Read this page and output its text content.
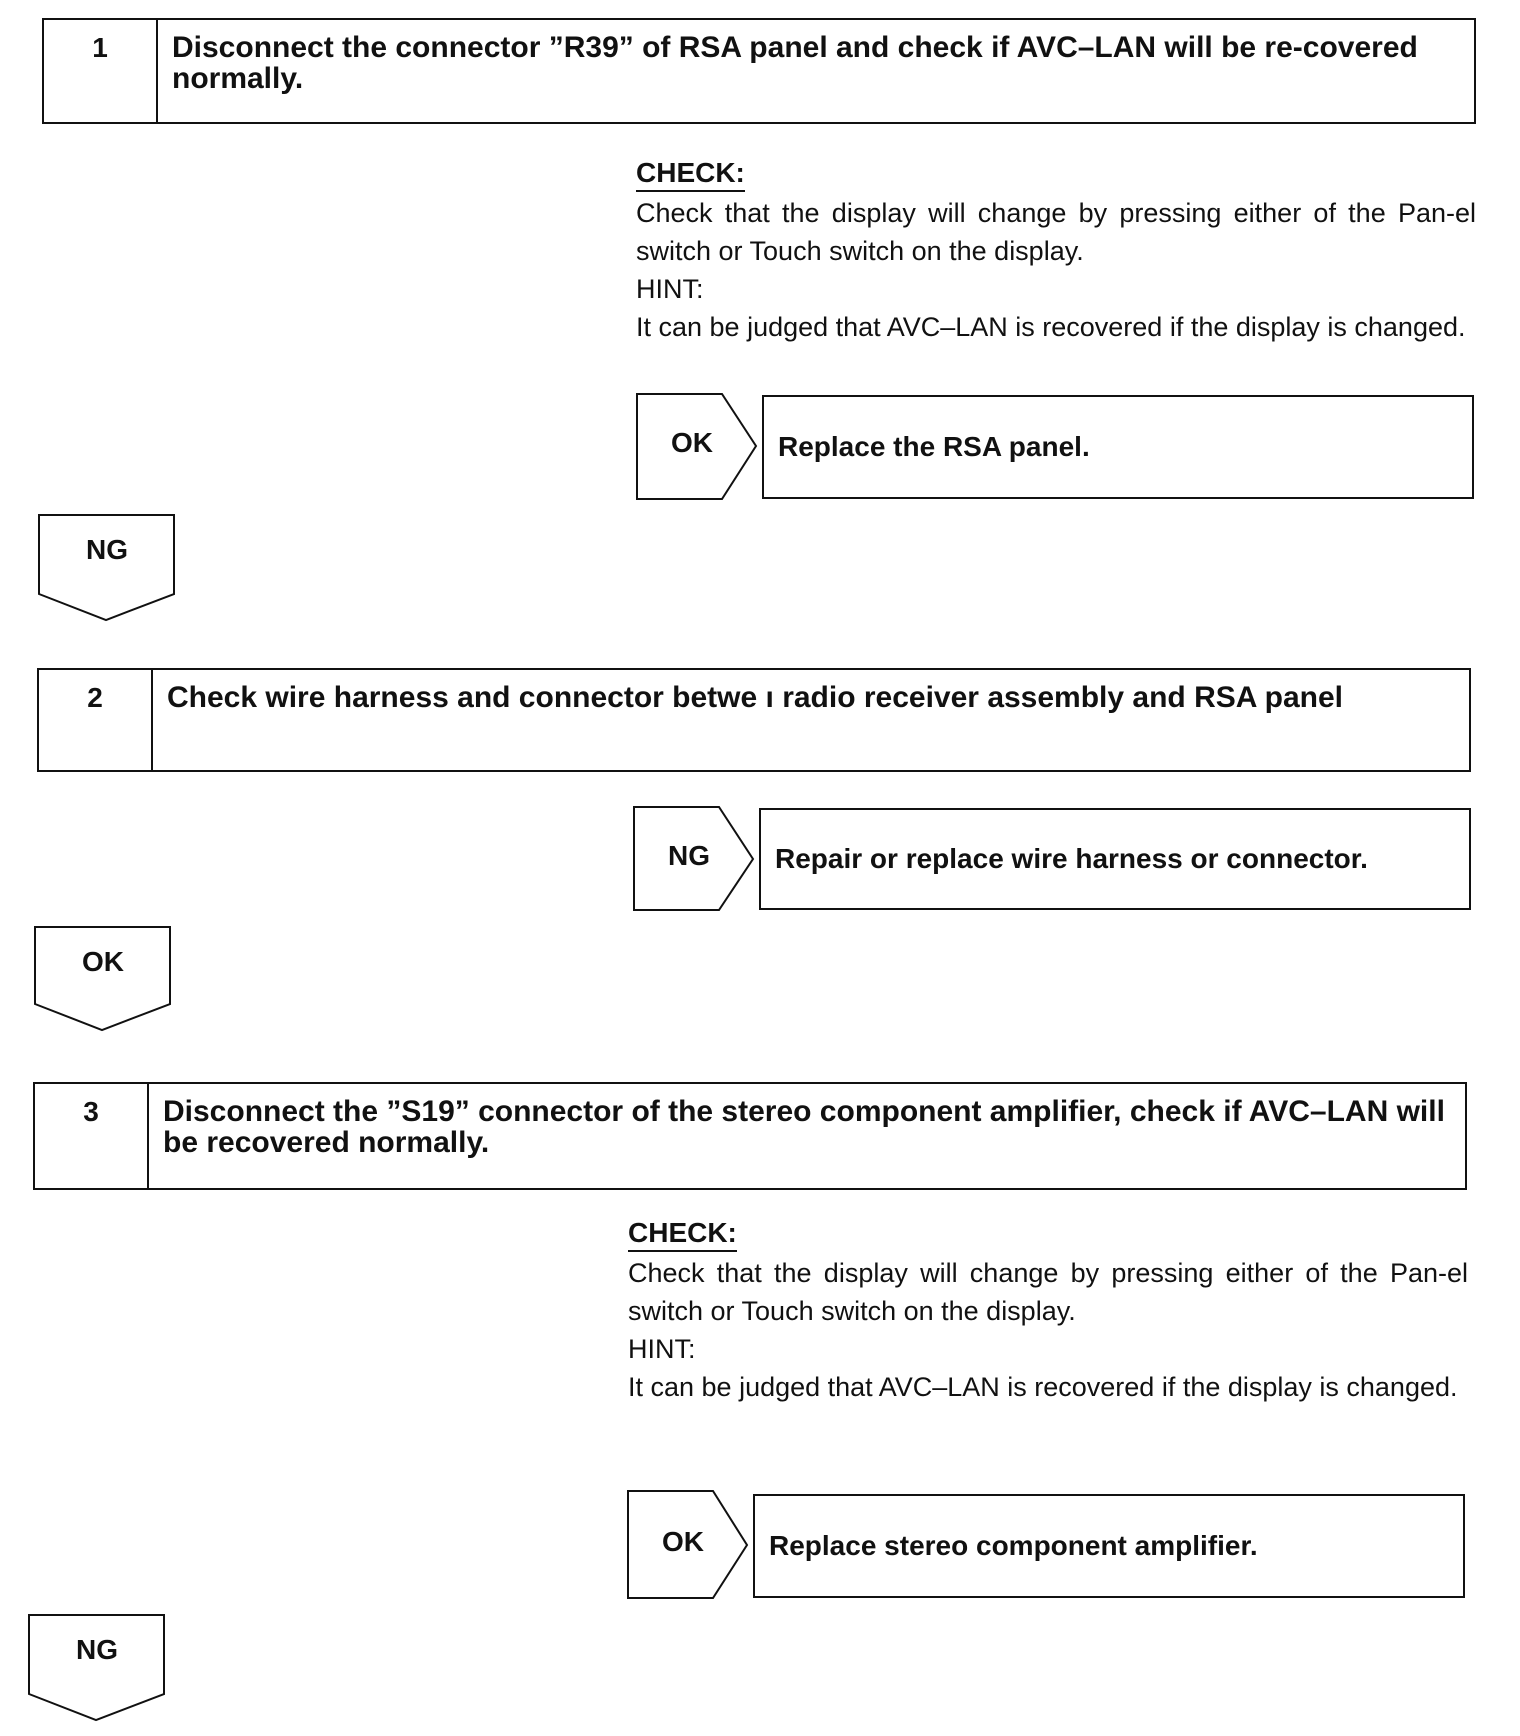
1	Disconnect the connector ”R39” of RSA panel and check if AVC–LAN will be re-covered normally.
CHECK:
Check that the display will change by pressing either of the Pan-el switch or Touch switch on the display.
HINT:
It can be judged that AVC–LAN is recovered if the display is changed.
OK	Replace the RSA panel.
NG
2	Check wire harness and connector betwe ı radio receiver assembly and RSA panel
NG	Repair or replace wire harness or connector.
OK
3	Disconnect the ”S19” connector of the stereo component amplifier, check if AVC–LAN will be recovered normally.
CHECK:
Check that the display will change by pressing either of the Pan-el switch or Touch switch on the display.
HINT:
It can be judged that AVC–LAN is recovered if the display is changed.
OK	Replace stereo component amplifier.
NG
